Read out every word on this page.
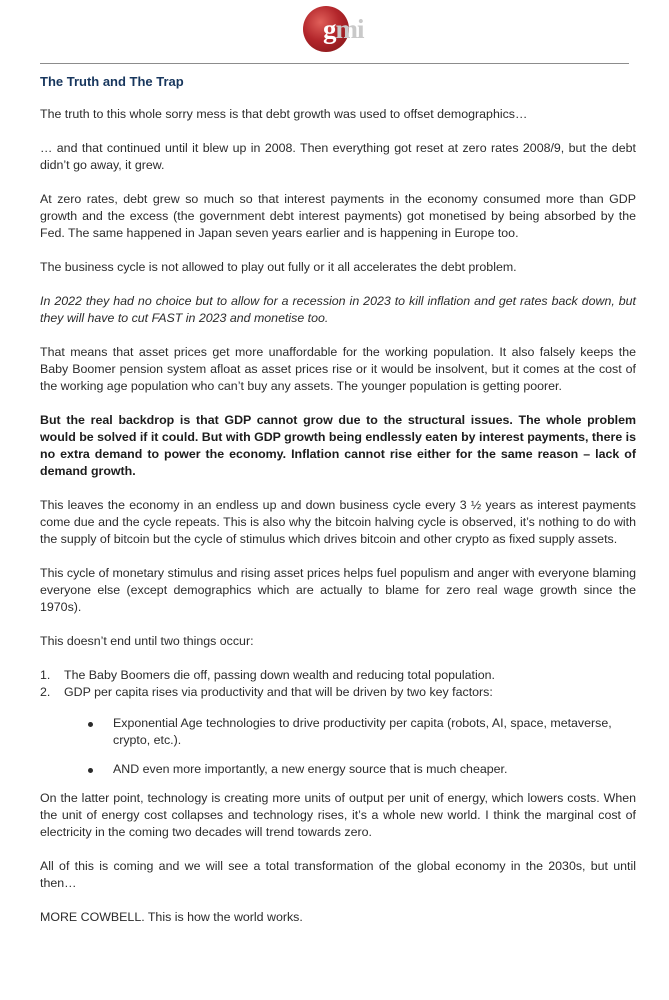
gmi
The Truth and The Trap

The truth to this whole sorry mess is that debt growth was used to offset demographics…

… and that continued until it blew up in 2008. Then everything got reset at zero rates 2008/9, but the debt didn’t go away, it grew.

At zero rates, debt grew so much so that interest payments in the economy consumed more than GDP growth and the excess (the government debt interest payments) got monetised by being absorbed by the Fed. The same happened in Japan seven years earlier and is happening in Europe too.

The business cycle is not allowed to play out fully or it all accelerates the debt problem.

In 2022 they had no choice but to allow for a recession in 2023 to kill inflation and get rates back down, but they will have to cut FAST in 2023 and monetise too.

That means that asset prices get more unaffordable for the working population. It also falsely keeps the Baby Boomer pension system afloat as asset prices rise or it would be insolvent, but it comes at the cost of the working age population who can’t buy any assets. The younger population is getting poorer.

But the real backdrop is that GDP cannot grow due to the structural issues. The whole problem would be solved if it could. But with GDP growth being endlessly eaten by interest payments, there is no extra demand to power the economy. Inflation cannot rise either for the same reason – lack of demand growth.

This leaves the economy in an endless up and down business cycle every 3 ½ years as interest payments come due and the cycle repeats. This is also why the bitcoin halving cycle is observed, it’s nothing to do with the supply of bitcoin but the cycle of stimulus which drives bitcoin and other crypto as fixed supply assets.

This cycle of monetary stimulus and rising asset prices helps fuel populism and anger with everyone blaming everyone else (except demographics which are actually to blame for zero real wage growth since the 1970s).

This doesn’t end until two things occur:

1. The Baby Boomers die off, passing down wealth and reducing total population.
2. GDP per capita rises via productivity and that will be driven by two key factors:
Exponential Age technologies to drive productivity per capita (robots, AI, space, metaverse, crypto, etc.).
AND even more importantly, a new energy source that is much cheaper.

On the latter point, technology is creating more units of output per unit of energy, which lowers costs. When the unit of energy cost collapses and technology rises, it’s a whole new world. I think the marginal cost of electricity in the coming two decades will trend towards zero.

All of this is coming and we will see a total transformation of the global economy in the 2030s, but until then…

MORE COWBELL. This is how the world works.
